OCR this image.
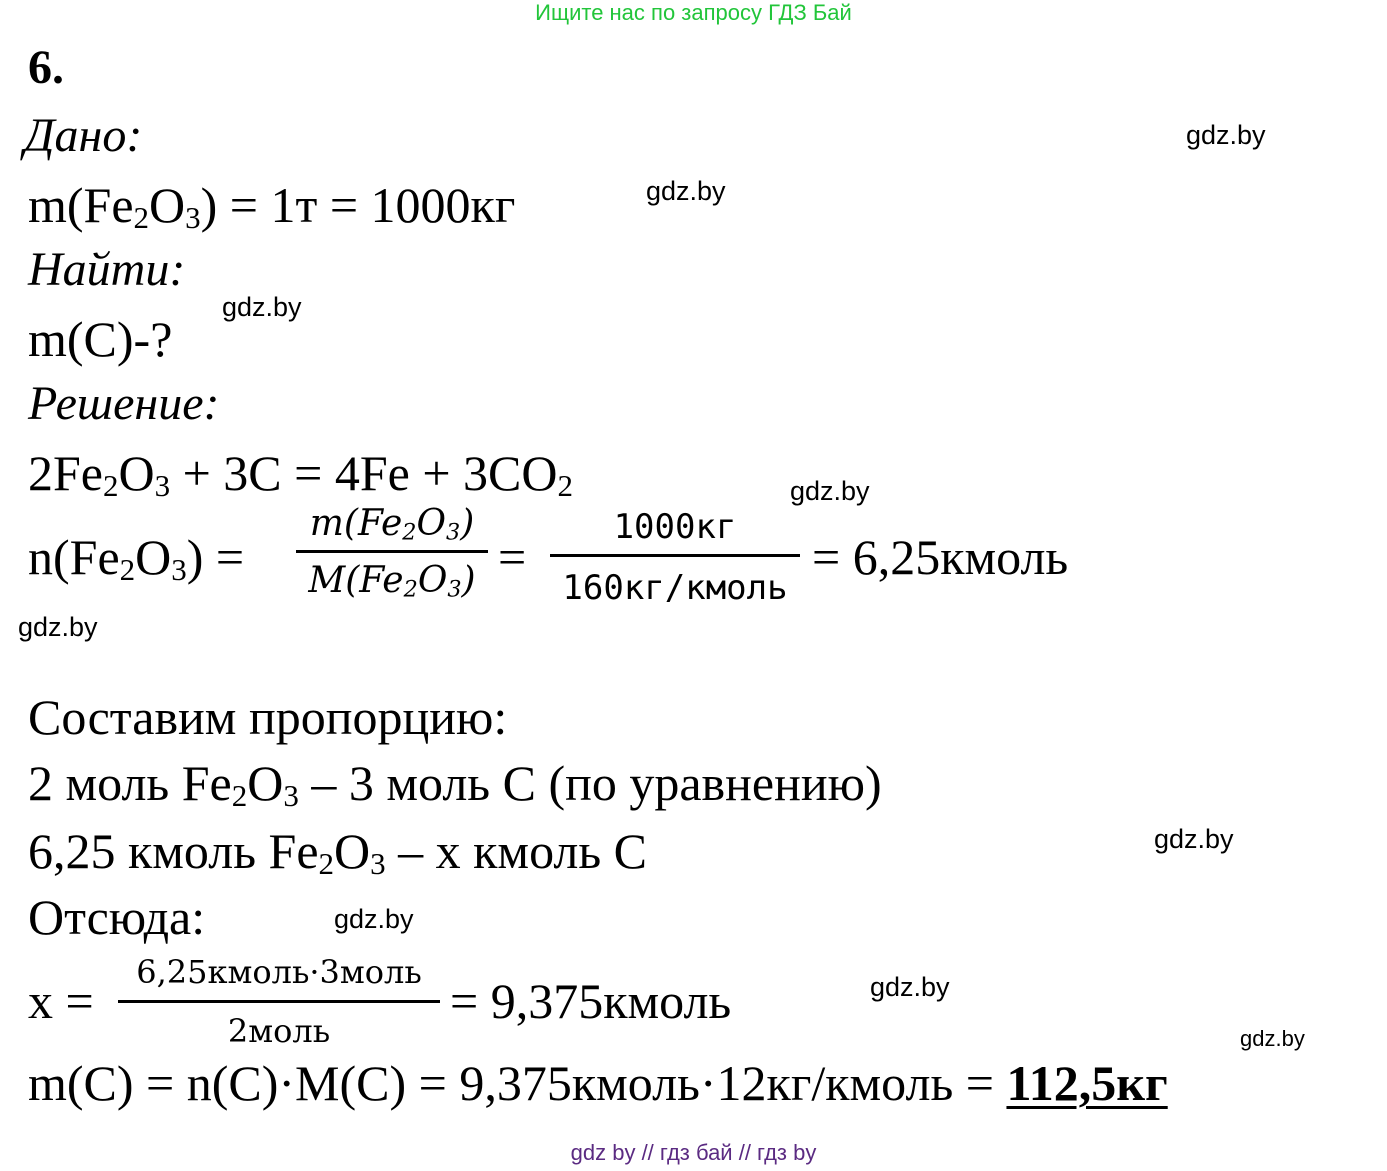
Ищите нас по запросу ГДЗ Бай
6.
Дано:
$m(Fe_2O_3) = 1т = 1000кг$
Найти:
m(C)-?
Решение:
$2Fe_2O_3 + 3C = 4Fe + 3CO_2$
$n(Fe_2O_3)$ =
$m(Fe_2O_3)$
$M(Fe_2O_3)$ =
1000кг
160кг/кмоль
= 6,25кмоль
Составим пропорцию:
2 моль $Fe_2O_3 - 3$ моль C (по уравнению)
6,25 кмоль $Fe_2O_3$ – x кмоль C
Отсюда:
x =
6,25кмоль·3моль
2моль
= 9,375кмоль
m(C) = n(C)·M(C) = 9,375кмоль·12кг/кмоль = 112,5кг
gdz.by
gdz.by
gdz.by
gdz.by
gdz.by
gdz.by
gdz.by
gdz.by
gdz.by
gdz by // гдз бай // гдз by
